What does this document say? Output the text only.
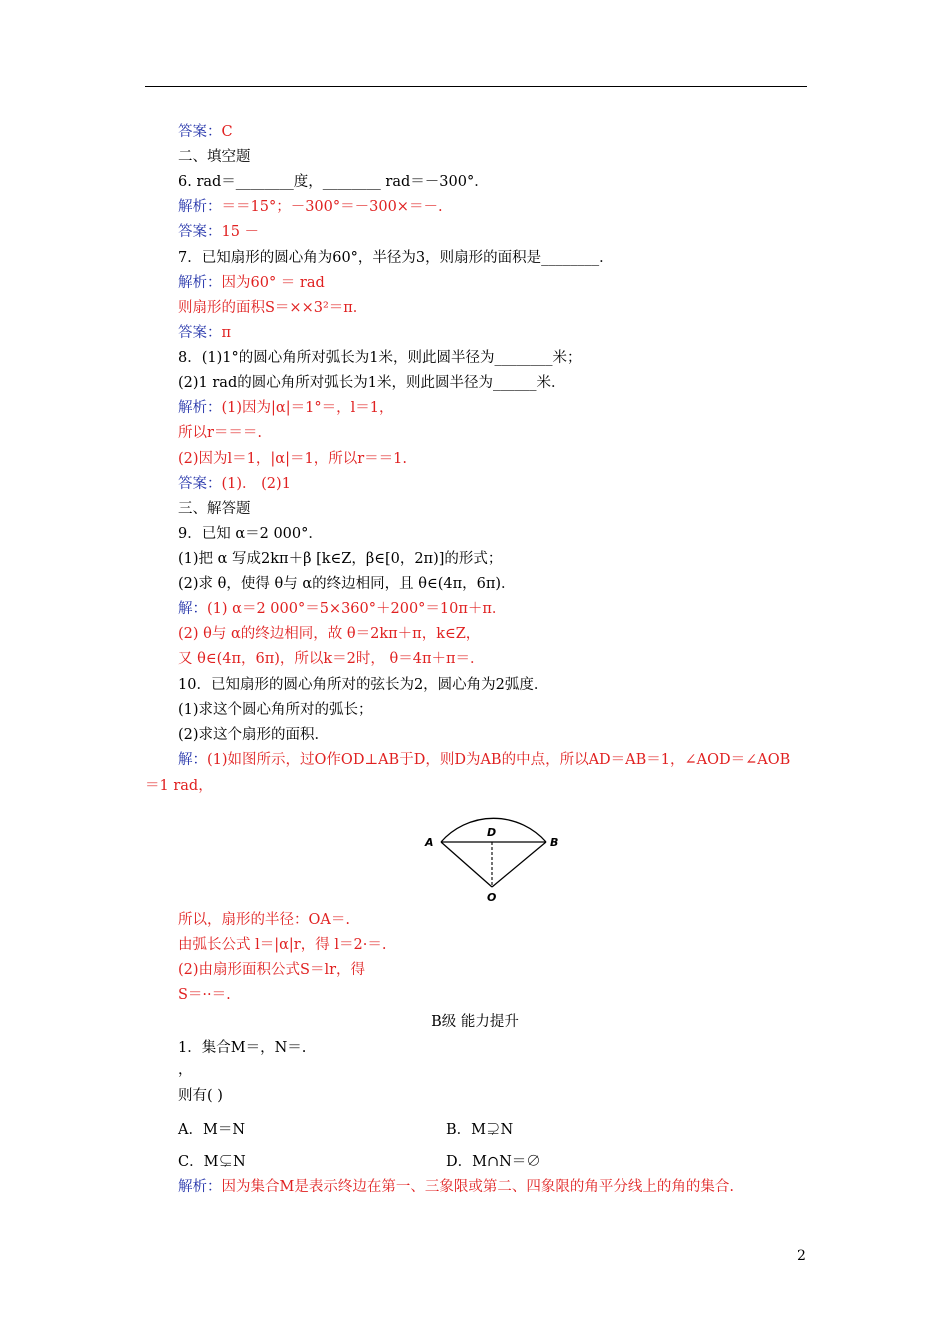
答案：C
二、填空题
6. rad＝________度，________ rad＝－300°．
解析：＝＝15°；－300°＝－300×＝－.
答案：15 －
7．已知扇形的圆心角为60°，半径为3，则扇形的面积是________．
解析：因为60° ＝ rad
则扇形的面积S＝××3²＝π．
答案：π
8．(1)1°的圆心角所对弧长为1米，则此圆半径为________米；
(2)1 rad的圆心角所对弧长为1米，则此圆半径为______米．
解析：(1)因为|α|＝1°＝，l＝1，
所以r＝＝＝.
(2)因为l＝1，|α|＝1，所以r＝＝1.
答案：(1)． (2)1
三、解答题
9．已知 α＝2 000°．
(1)把 α 写成2kπ＋β [k∈Z，β∈[0，2π)]的形式；
(2)求 θ，使得 θ与 α的终边相同，且 θ∈(4π，6π)．
解：(1) α＝2 000°＝5×360°＋200°＝10π＋π．
(2) θ与 α的终边相同，故 θ＝2kπ＋π，k∈Z，
又 θ∈(4π，6π)，所以k＝2时， θ＝4π＋π＝．
10．已知扇形的圆心角所对的弦长为2，圆心角为2弧度．
(1)求这个圆心角所对的弧长；
(2)求这个扇形的面积．
解：(1)如图所示，过O作OD⊥AB于D，则D为AB的中点，所以AD＝AB＝1，∠AOD＝∠AOB
＝1 rad，
A	B
D
O
所以，扇形的半径：OA＝.
由弧长公式 l＝|α|r，得 l＝2·＝.
(2)由扇形面积公式S＝lr，得
S＝··＝.
B级 能力提升
1．集合M＝，N＝.
，
则有( )
A．M＝N	B．M⊋N
C．M⊊N	D．M∩N＝∅
解析：因为集合M是表示终边在第一、三象限或第二、四象限的角平分线上的角的集合.
2
